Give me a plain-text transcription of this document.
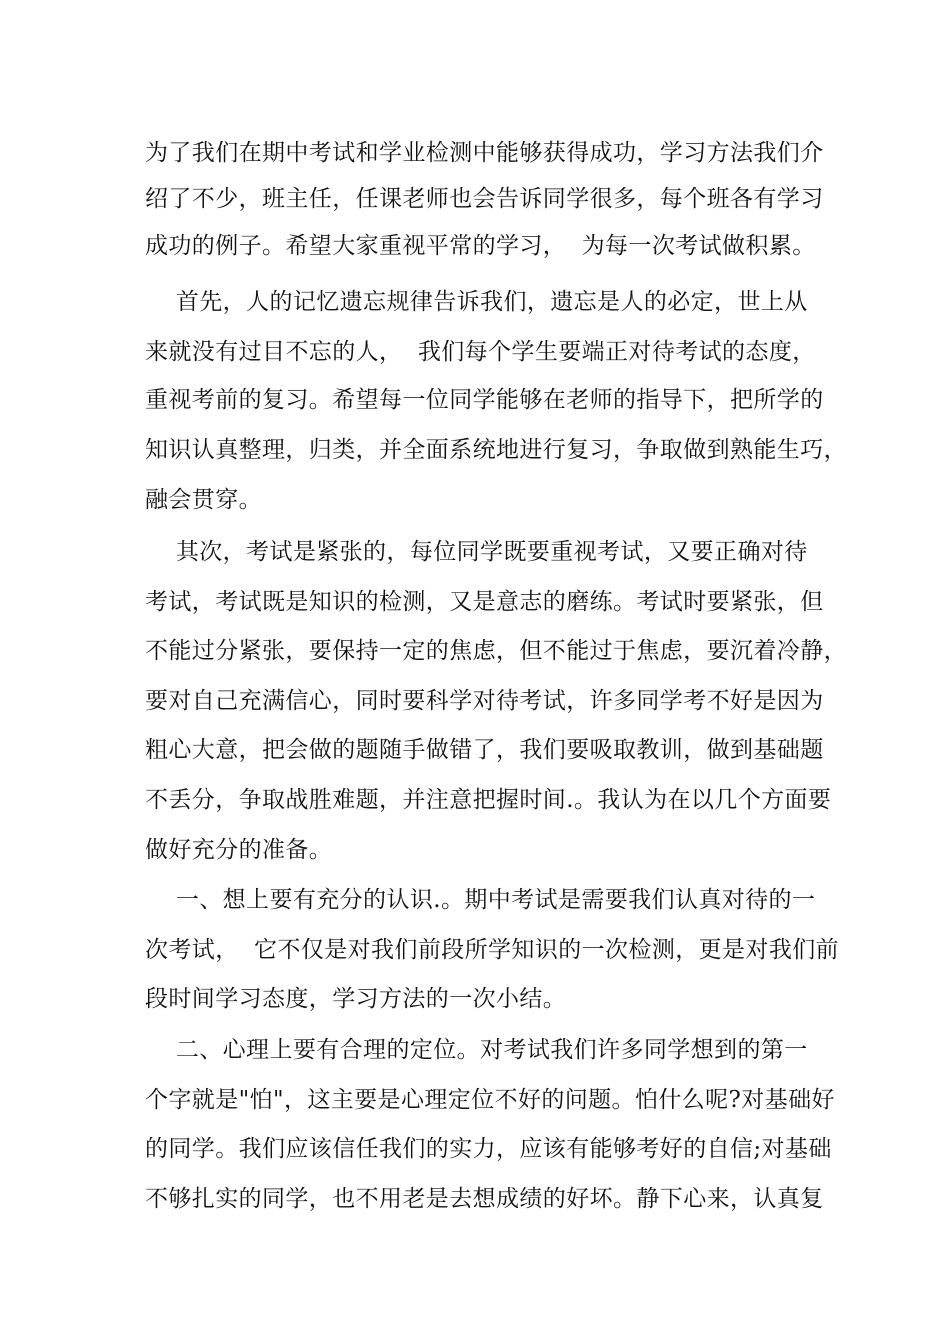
为了我们在期中考试和学业检测中能够获得成功，学习方法我们介
绍了不少，班主任，任课老师也会告诉同学很多，每个班各有学习
成功的例子。希望大家重视平常的学习，  为每一次考试做积累。
首先，人的记忆遗忘规律告诉我们，遗忘是人的必定，世上从
来就没有过目不忘的人，  我们每个学生要端正对待考试的态度，
重视考前的复习。希望每一位同学能够在老师的指导下，把所学的
知识认真整理，归类，并全面系统地进行复习，争取做到熟能生巧，
融会贯穿。
其次，考试是紧张的，每位同学既要重视考试，又要正确对待
考试，考试既是知识的检测，又是意志的磨练。考试时要紧张，但
不能过分紧张，要保持一定的焦虑，但不能过于焦虑，要沉着冷静，
要对自己充满信心，同时要科学对待考试，许多同学考不好是因为
粗心大意，把会做的题随手做错了，我们要吸取教训，做到基础题
不丢分，争取战胜难题，并注意把握时间.。我认为在以几个方面要
做好充分的准备。
一、想上要有充分的认识.。期中考试是需要我们认真对待的一
次考试，  它不仅是对我们前段所学知识的一次检测，更是对我们前
段时间学习态度，学习方法的一次小结。
二、心理上要有合理的定位。对考试我们许多同学想到的第一
个字就是"怕"，这主要是心理定位不好的问题。怕什么呢?对基础好
的同学。我们应该信任我们的实力，应该有能够考好的自信;对基础
不够扎实的同学，也不用老是去想成绩的好坏。静下心来，认真复
